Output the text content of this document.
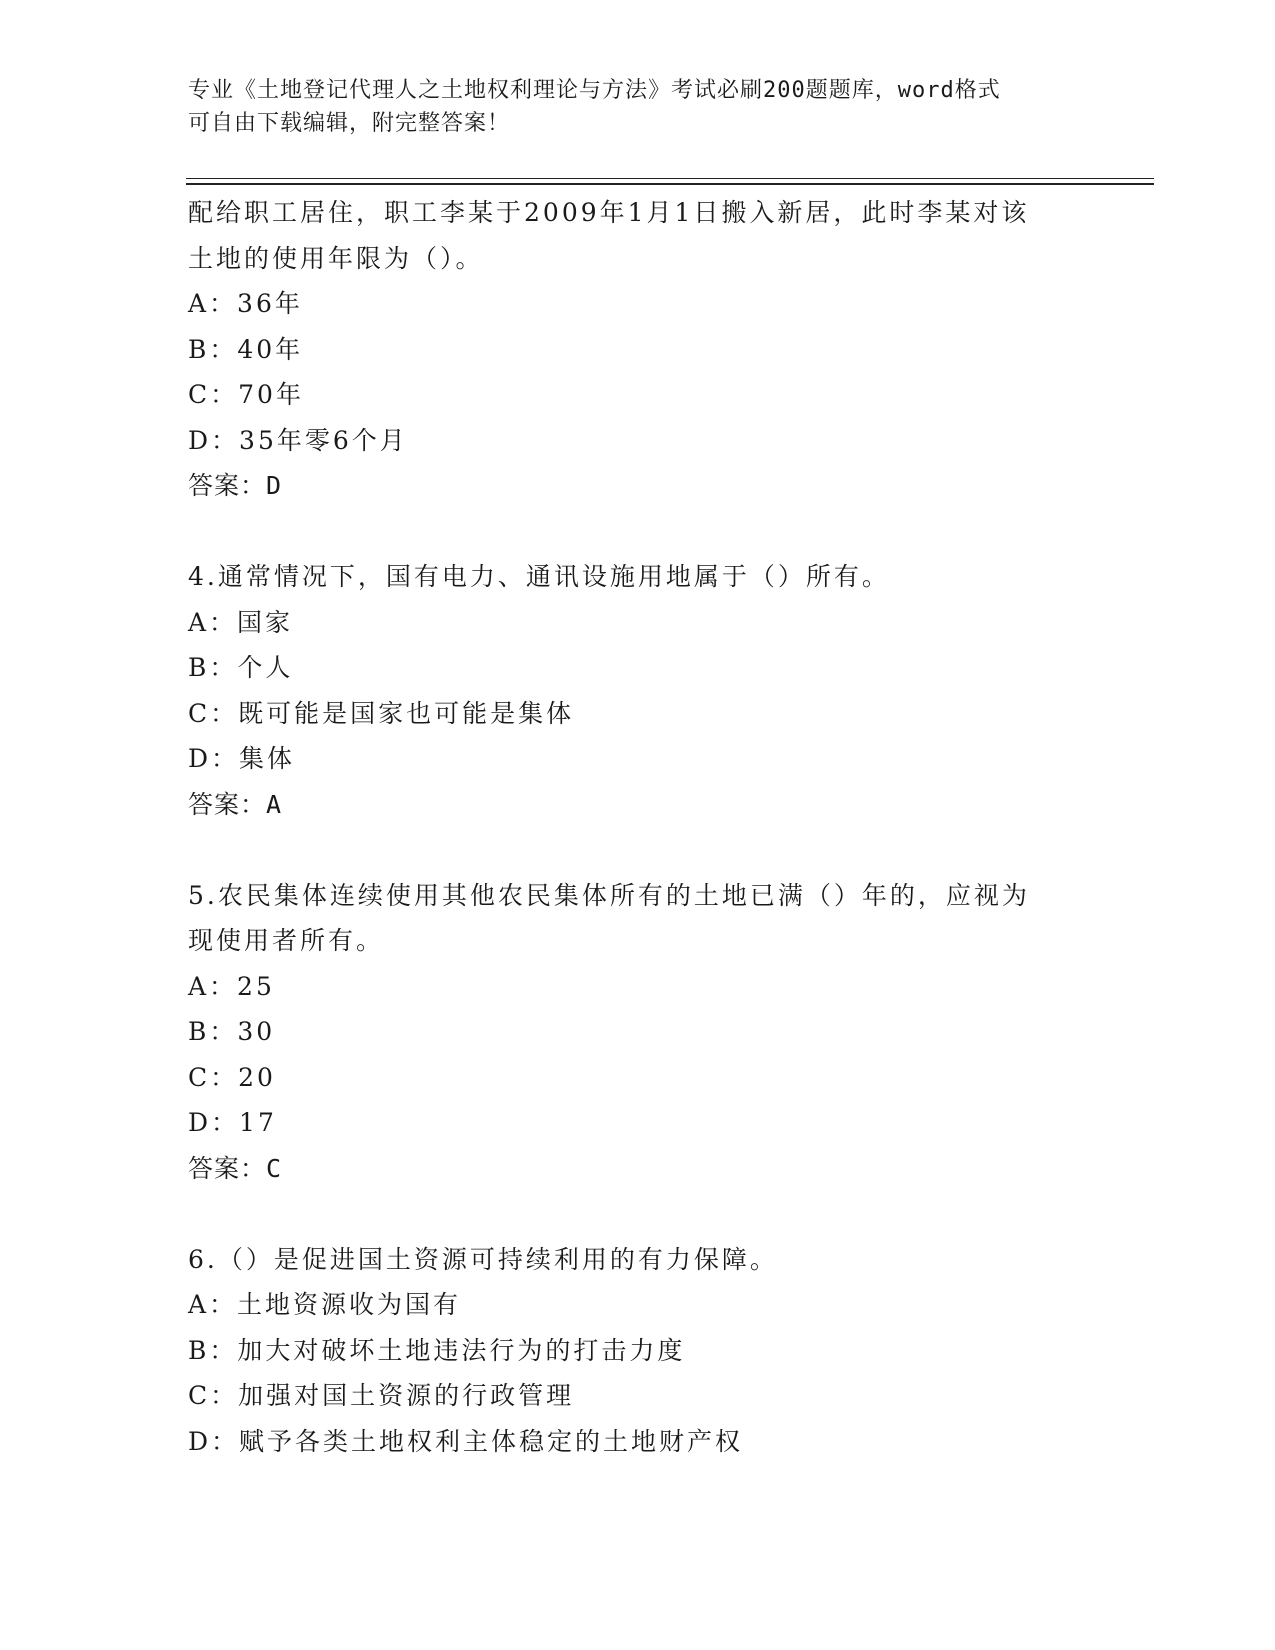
专业《土地登记代理人之土地权利理论与方法》考试必刷200题题库，word格式
可自由下载编辑，附完整答案！
配给职工居住，职工李某于2009年1月1日搬入新居，此时李某对该
土地的使用年限为（）。
A：36年
B：40年
C：70年
D：35年零6个月
答案：D
4.通常情况下，国有电力、通讯设施用地属于（）所有。
A：国家
B：个人
C：既可能是国家也可能是集体
D：集体
答案：A
5.农民集体连续使用其他农民集体所有的土地已满（）年的，应视为
现使用者所有。
A：25
B：30
C：20
D：17
答案：C
6.（）是促进国土资源可持续利用的有力保障。
A：土地资源收为国有
B：加大对破坏土地违法行为的打击力度
C：加强对国土资源的行政管理
D：赋予各类土地权利主体稳定的土地财产权
